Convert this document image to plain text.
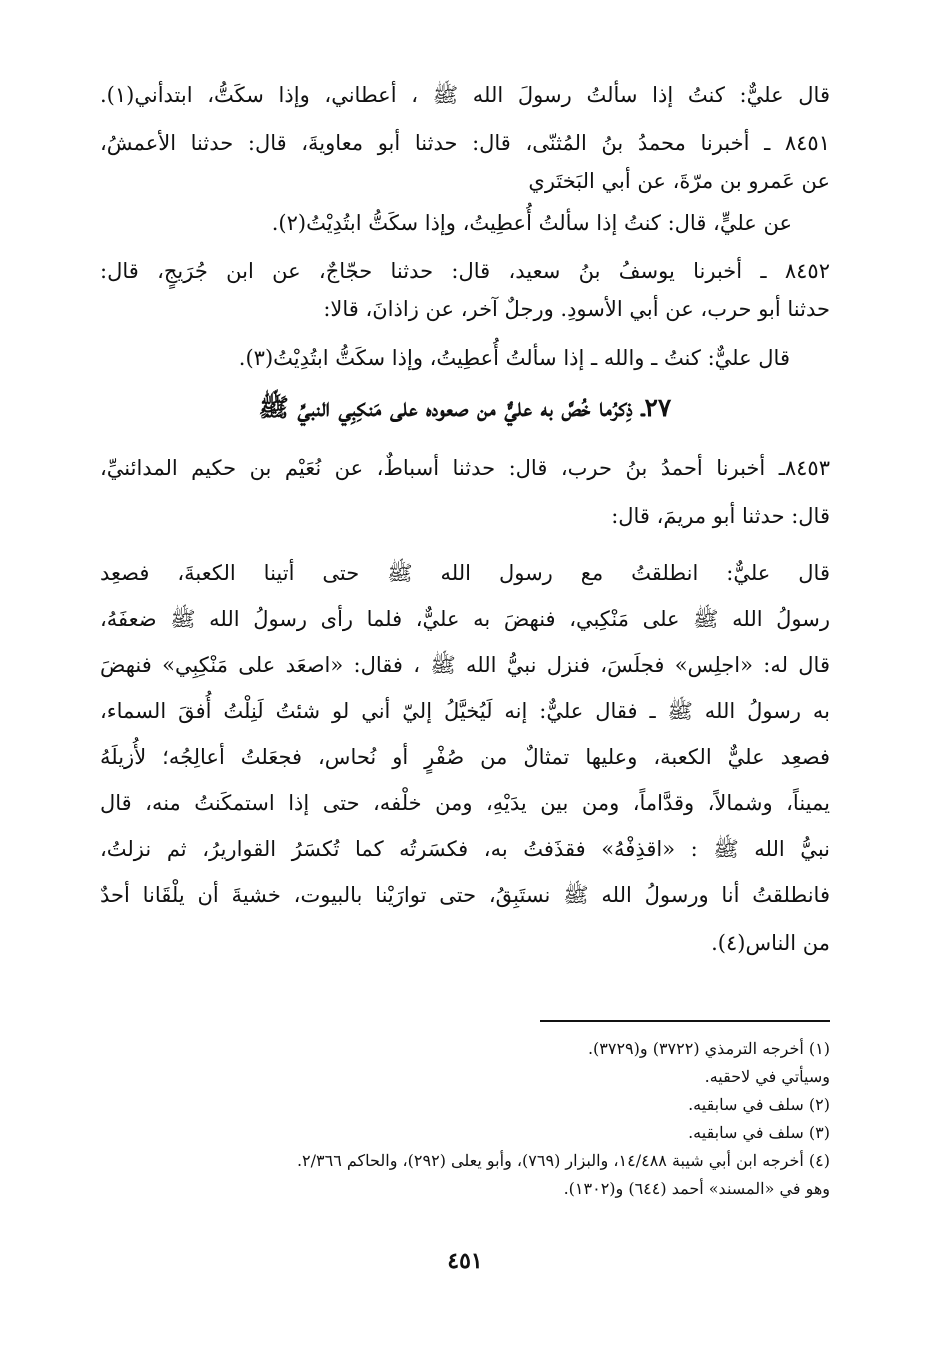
قال عليٌّ: كنتُ إذا سألتُ رسولَ الله ﷺ ، أعطاني، وإذا سكَتُّ، ابتدأني(١).
٨٤٥١ ـ أخبرنا محمدُ بنُ المُثنّى، قال: حدثنا أبو معاويةَ، قال: حدثنا الأعمشُ،
عن عَمرو بن مرّةَ، عن أبي البَختَري
عن عليٍّ، قال: كنتُ إذا سألتُ أُعطِيتُ، وإذا سكَتُّ ابتُدِيْتُ(٢).
٨٤٥٢ ـ أخبرنا يوسفُ بنُ سعيد، قال: حدثنا حجّاجٌ، عن ابن جُرَيجٍ، قال:
حدثنا أبو حرب، عن أبي الأسودِ. ورجلٌ آخر، عن زاذانَ، قالا:
قال عليٌّ: كنتُ ـ والله ـ إذا سألتُ أُعطِيتُ، وإذا سكَتُّ ابتُدِيْتُ(٣).
٢٧ـ ذِكرُما خُصَّ به عليٌّ من صعوده على مَنكِبِي النبيِّ ﷺ
٨٤٥٣ـ أخبرنا أحمدُ بنُ حرب، قال: حدثنا أسباطٌ، عن نُعَيْم بن حكيم المدائنيِّ،
قال: حدثنا أبو مريمَ، قال:
قال عليٌّ: انطلقتُ مع رسول الله ﷺ حتى أتينا الكعبةَ، فصعِد
رسولُ الله ﷺ على مَنْكِبي، فنهضَ به عليٌّ، فلما رأى رسولُ الله ﷺ ضعفَهُ،
قال له: «اجلِس» فجلَسَ، فنزل نبيُّ الله ﷺ ، فقال: «اصعَد على مَنْكِبِي» فنهضَ
به رسولُ الله ﷺ ـ فقال عليٌّ: إنه لَيُخيَّلُ إليّ أني لو شئتُ لَنِلْتُ أُفقَ السماء،
فصعِد عليٌّ الكعبة، وعليها تمثالٌ من صُفْرٍ أو نُحاس، فجعَلتُ أعالِجُه؛ لأُزيلَهُ
يميناً، وشمالاً، وقدَّاماً، ومن بين يدَيْهِ، ومن خلْفه، حتى إذا استمكَنتُ منه، قال
نبيُّ الله ﷺ : «اقذِفْهُ» فقذَفتُ به، فكسَرتُه كما تُكسَرُ القواريرُ، ثم نزلتُ،
فانطلقتُ أنا ورسولُ الله ﷺ نستَبِقُ، حتى توارَيْنا بالبيوت، خشيةَ أن يلْقَانا أحدٌ
من الناس(٤).
(١) أخرجه الترمذي (٣٧٢٢) و(٣٧٢٩).
وسيأتي في لاحقيه.
(٢) سلف في سابقيه.
(٣) سلف في سابقيه.
(٤) أخرجه ابن أبي شيبة ١٤/٤٨٨، والبزار (٧٦٩)، وأبو يعلى (٢٩٢)، والحاكم ٢/٣٦٦.
وهو في «المسند» أحمد (٦٤٤) و(١٣٠٢).
٤٥١
